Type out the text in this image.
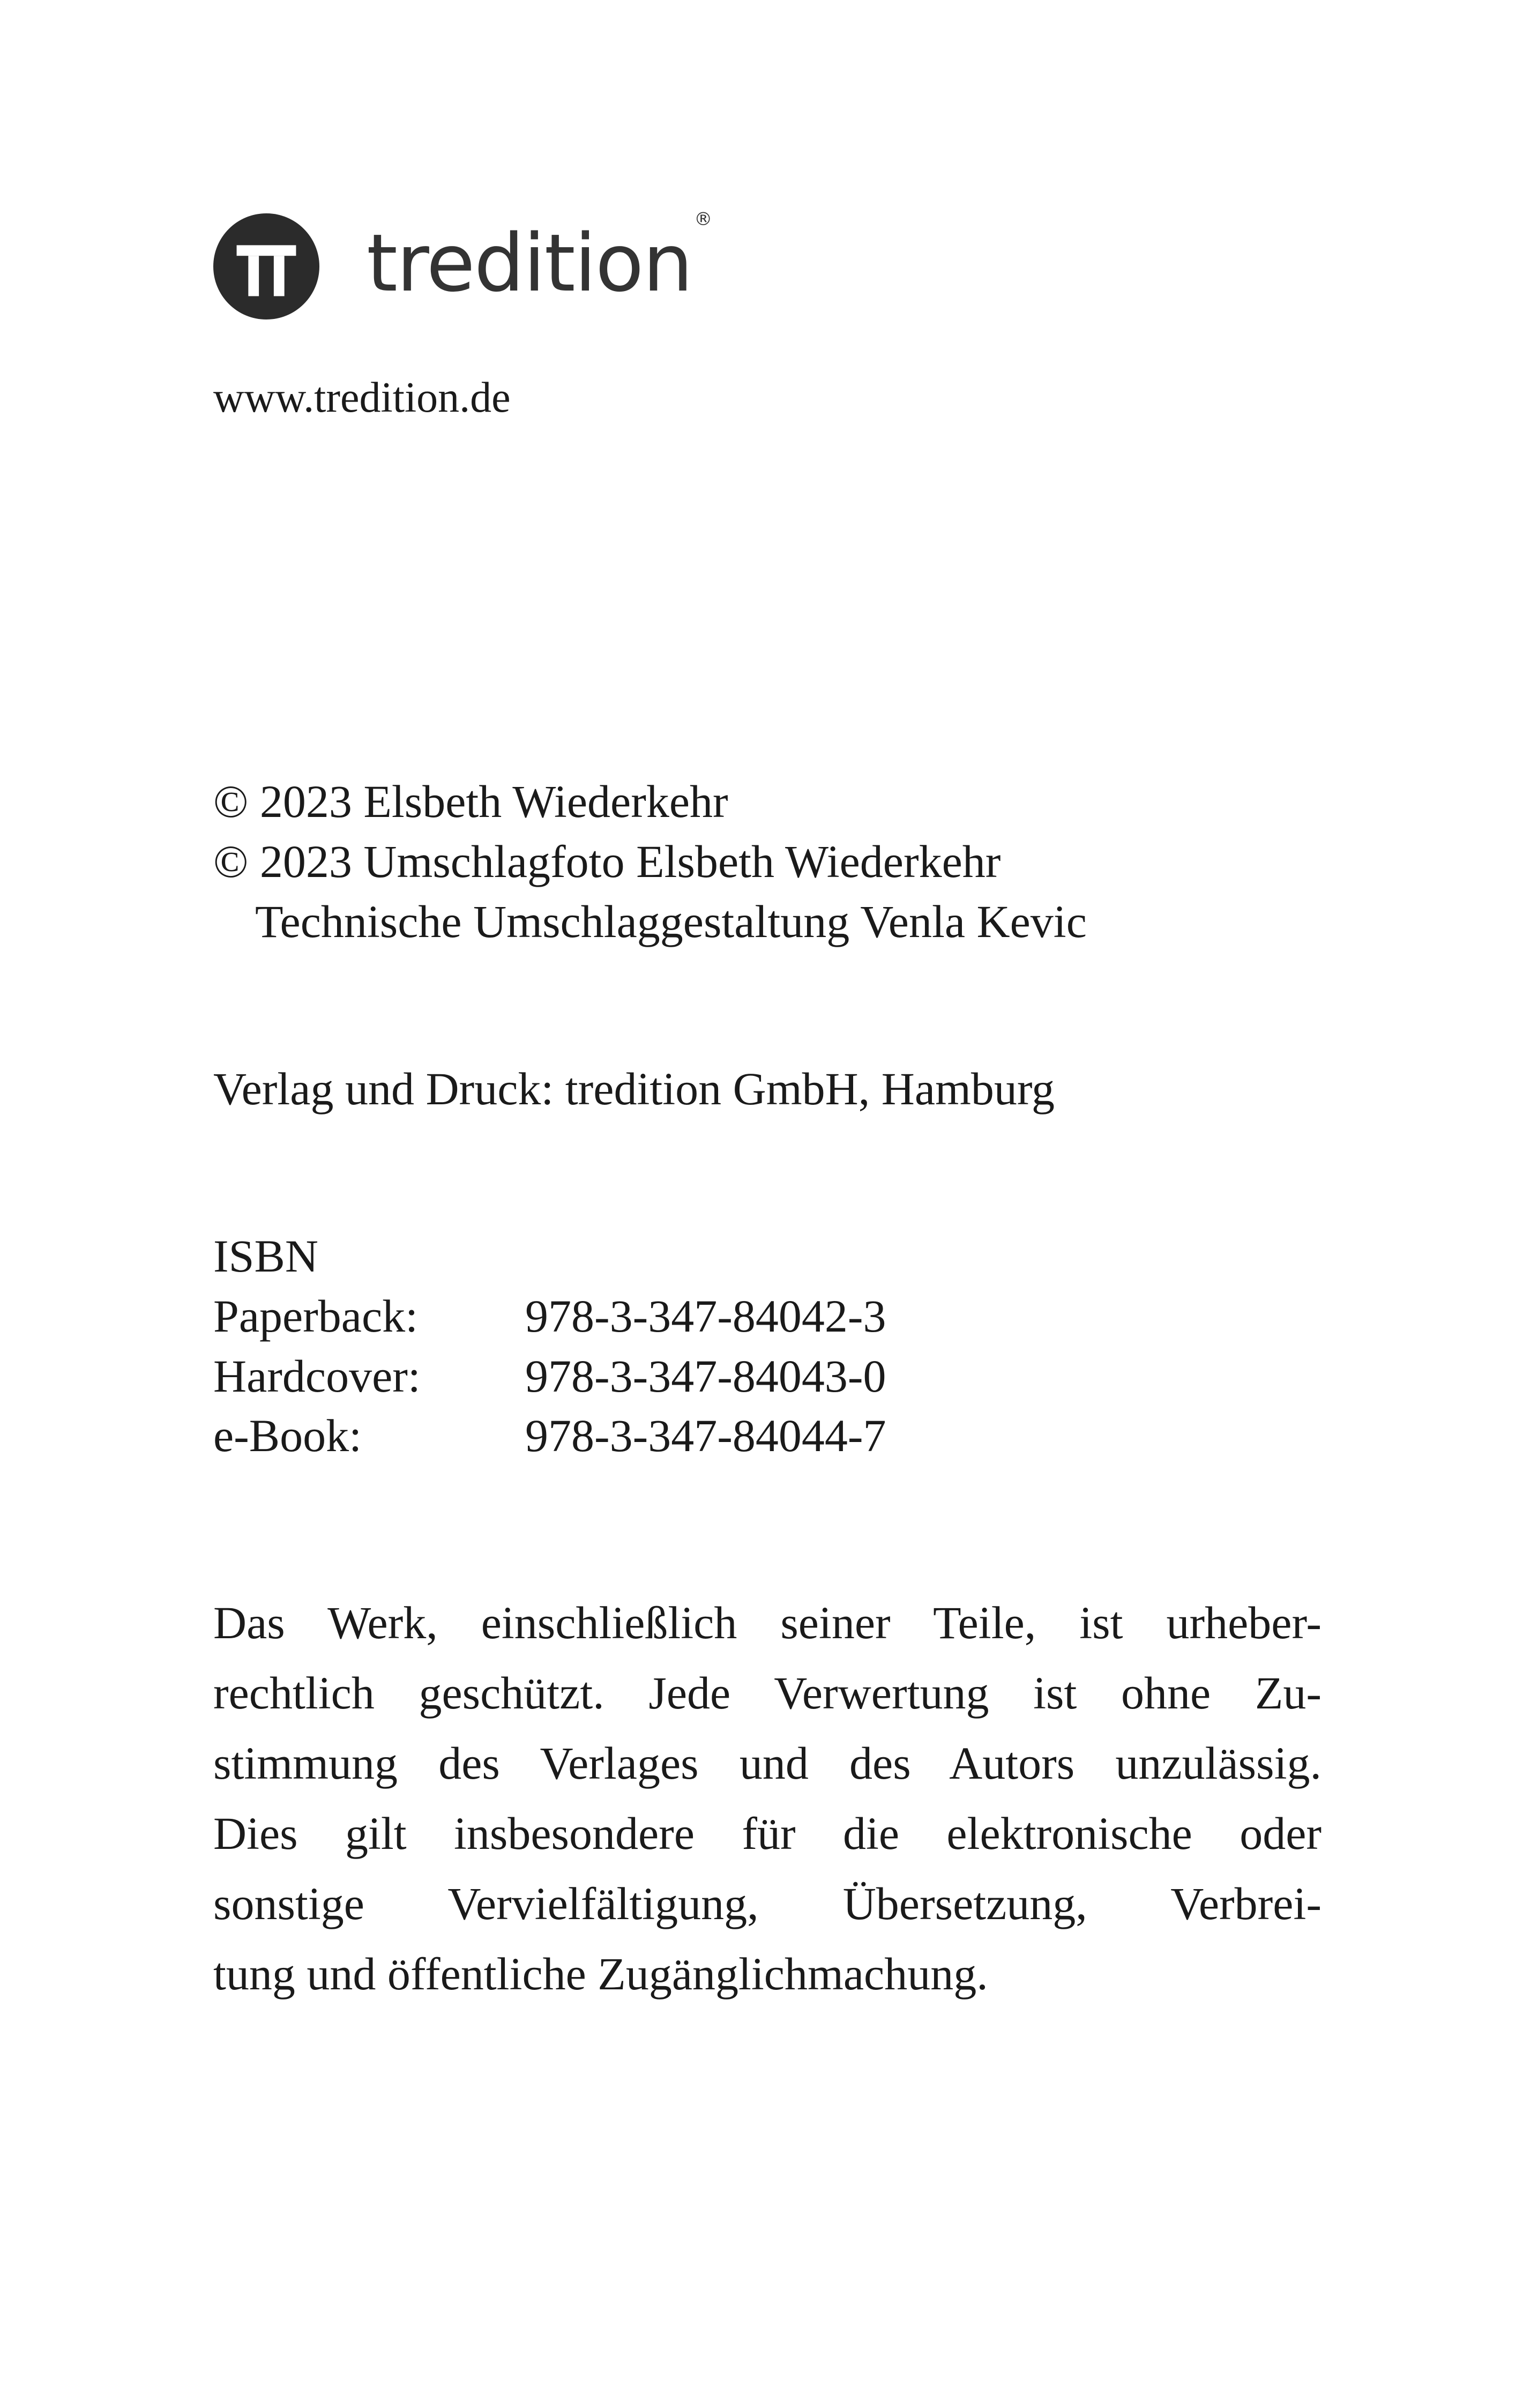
tredition ®
www.tredition.de
© 2023 Elsbeth Wiederkehr
© 2023 Umschlagfoto Elsbeth Wiederkehr
Technische Umschlaggestaltung Venla Kevic
Verlag und Druck: tredition GmbH, Hamburg
ISBN
Paperback:	978-3-347-84042-3
Hardcover:	978-3-347-84043-0
e-Book:	978-3-347-84044-7
Das Werk, einschließlich seiner Teile, ist urheber-
rechtlich geschützt. Jede Verwertung ist ohne Zu-
stimmung des Verlages und des Autors unzulässig.
Dies gilt insbesondere für die elektronische oder
sonstige Vervielfältigung, Übersetzung, Verbrei-
tung und öffentliche Zugänglichmachung.
